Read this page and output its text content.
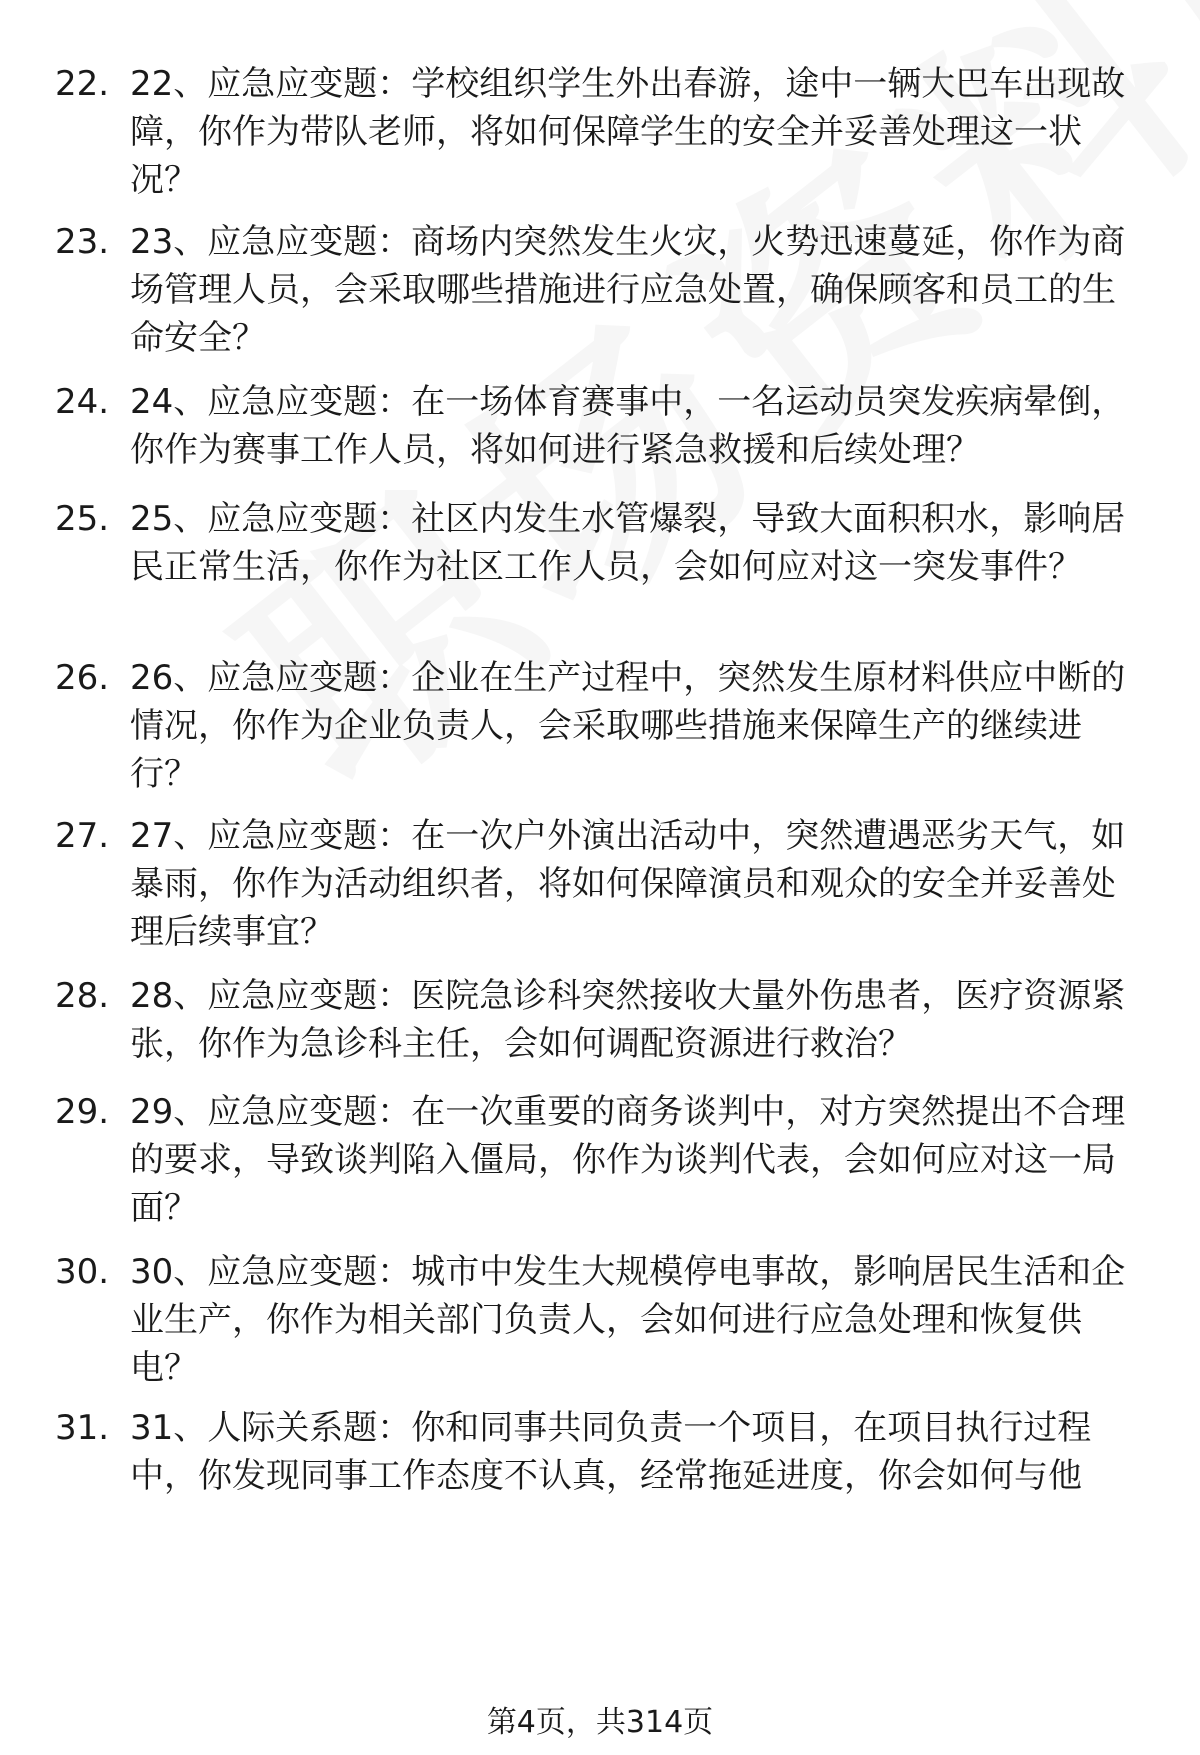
22. 22、应急应变题：学校组织学生外出春游，途中一辆大巴车出现故障，你作为带队老师，将如何保障学生的安全并妥善处理这一状况？
23. 23、应急应变题：商场内突然发生火灾，火势迅速蔓延，你作为商场管理人员，会采取哪些措施进行应急处置，确保顾客和员工的生命安全？
24. 24、应急应变题：在一场体育赛事中，一名运动员突发疾病晕倒，你作为赛事工作人员，将如何进行紧急救援和后续处理？
25. 25、应急应变题：社区内发生水管爆裂，导致大面积积水，影响居民正常生活，你作为社区工作人员，会如何应对这一突发事件？
26. 26、应急应变题：企业在生产过程中，突然发生原材料供应中断的情况，你作为企业负责人，会采取哪些措施来保障生产的继续进行？
27. 27、应急应变题：在一次户外演出活动中，突然遭遇恶劣天气，如暴雨，你作为活动组织者，将如何保障演员和观众的安全并妥善处理后续事宜？
28. 28、应急应变题：医院急诊科突然接收大量外伤患者，医疗资源紧张，你作为急诊科主任，会如何调配资源进行救治？
29. 29、应急应变题：在一次重要的商务谈判中，对方突然提出不合理的要求，导致谈判陷入僵局，你作为谈判代表，会如何应对这一局面？
30. 30、应急应变题：城市中发生大规模停电事故，影响居民生活和企业生产，你作为相关部门负责人，会如何进行应急处理和恢复供电？
31. 31、人际关系题：你和同事共同负责一个项目，在项目执行过程中，你发现同事工作态度不认真，经常拖延进度，你会如何与他
第4页，共314页
